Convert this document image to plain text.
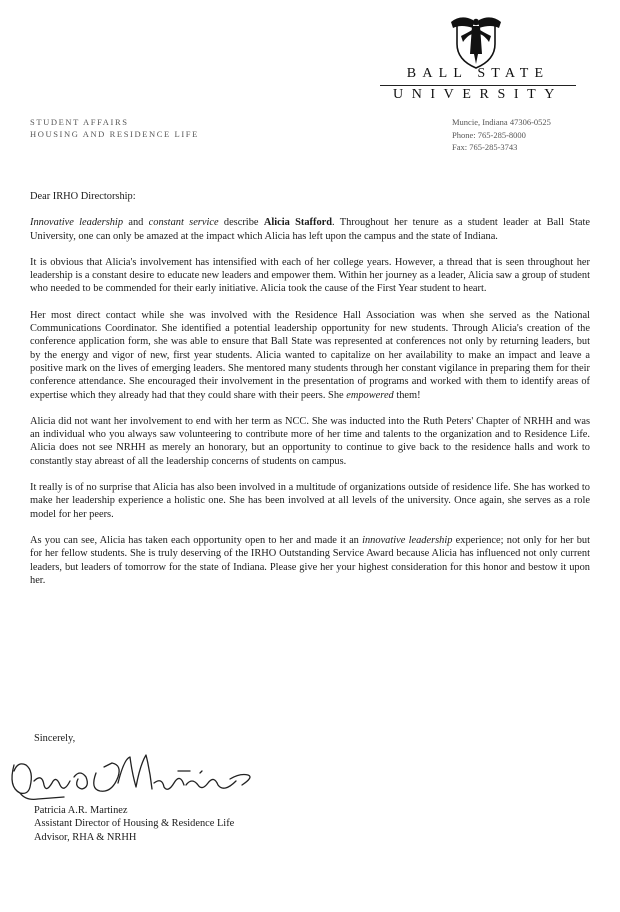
BALL STATE
UNIVERSITY
STUDENT AFFAIRS
HOUSING AND RESIDENCE LIFE
Muncie, Indiana 47306-0525
Phone: 765-285-8000
Fax: 765-285-3743
Dear IRHO Directorship:

Innovative leadership and constant service describe Alicia Stafford. Throughout her tenure as a student leader at Ball State University, one can only be amazed at the impact which Alicia has left upon the campus and the state of Indiana.

It is obvious that Alicia's involvement has intensified with each of her college years. However, a thread that is seen throughout her leadership is a constant desire to educate new leaders and empower them. Within her journey as a leader, Alicia saw a group of student who needed to be commended for their early initiative. Alicia took the cause of the First Year student to heart.

Her most direct contact while she was involved with the Residence Hall Association was when she served as the National Communications Coordinator. She identified a potential leadership opportunity for new students. Through Alicia's creation of the conference application form, she was able to ensure that Ball State was represented at conferences not only by returning leaders, but by the energy and vigor of new, first year students. Alicia wanted to capitalize on her availability to make an impact and leave a positive mark on the lives of emerging leaders. She mentored many students through her constant vigilance in preparing them for their conference attendance. She encouraged their involvement in the presentation of programs and worked with them to identify areas of expertise which they already had that they could share with their peers. She empowered them!

Alicia did not want her involvement to end with her term as NCC. She was inducted into the Ruth Peters' Chapter of NRHH and was an individual who you always saw volunteering to contribute more of her time and talents to the organization and to Residence Life. Alicia does not see NRHH as merely an honorary, but an opportunity to continue to give back to the residence halls and work to constantly stay abreast of all the leadership concerns of students on campus.

It really is of no surprise that Alicia has also been involved in a multitude of organizations outside of residence life. She has worked to make her leadership experience a holistic one. She has been involved at all levels of the university. Once again, she serves as a role model for her peers.

As you can see, Alicia has taken each opportunity open to her and made it an innovative leadership experience; not only for her but for her fellow students. She is truly deserving of the IRHO Outstanding Service Award because Alicia has influenced not only current leaders, but leaders of tomorrow for the state of Indiana. Please give her your highest consideration for this honor and bestow it upon her.

Sincerely,
Patricia A.R. Martinez
Assistant Director of Housing & Residence Life
Advisor, RHA & NRHH
